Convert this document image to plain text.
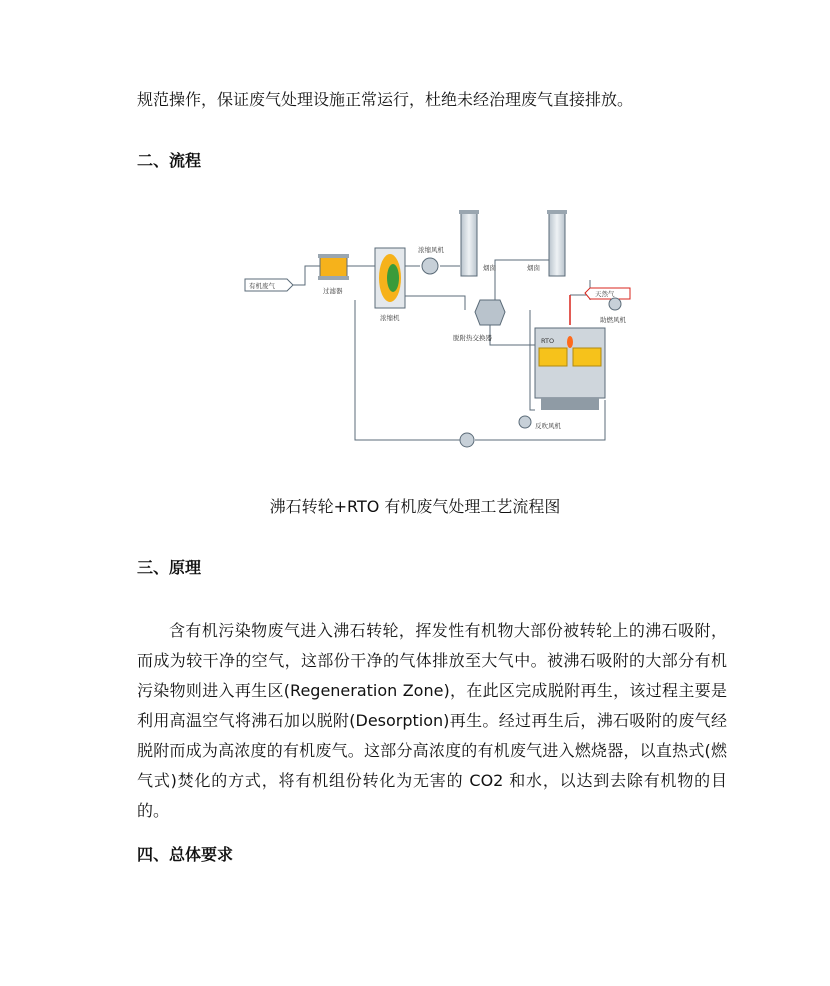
规范操作，保证废气处理设施正常运行，杜绝未经治理废气直接排放。

二、流程
有机废气
过滤器
浓缩机
浓缩风机
烟囱	烟囱
脱附热交换器	RTO
天然气
助燃风机
反吹风机
沸石转轮+RTO 有机废气处理工艺流程图
三、原理

含有机污染物废气进入沸石转轮，挥发性有机物大部份被转轮上的沸石吸附，而成为较干净的空气，这部份干净的气体排放至大气中。被沸石吸附的大部分有机污染物则进入再生区(Regeneration Zone)，在此区完成脱附再生，该过程主要是利用高温空气将沸石加以脱附(Desorption)再生。经过再生后，沸石吸附的废气经脱附而成为高浓度的有机废气。这部分高浓度的有机废气进入燃烧器，以直热式(燃气式)焚化的方式，将有机组份转化为无害的 CO2 和水，以达到去除有机物的目的。

四、总体要求
